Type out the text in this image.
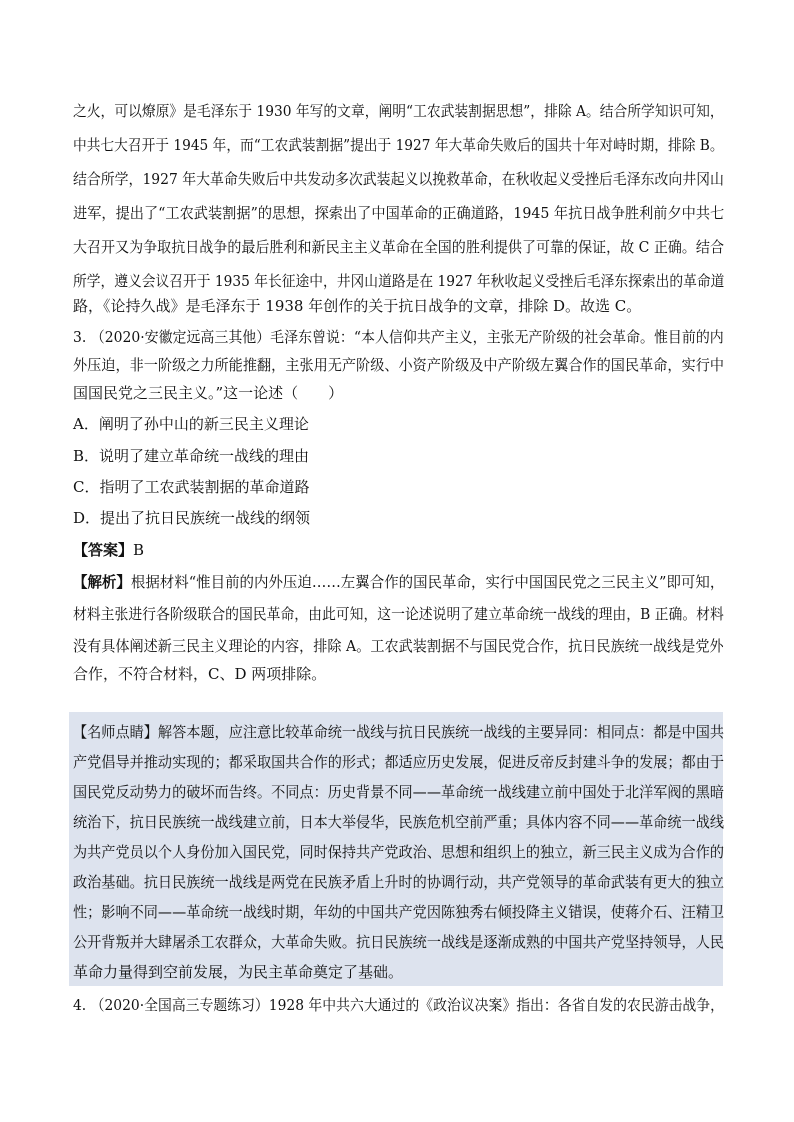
之火，可以燎原》是毛泽东于 1930 年写的文章，阐明“工农武装割据思想”，排除 A。结合所学知识可知，
中共七大召开于 1945 年，而“工农武装割据”提出于 1927 年大革命失败后的国共十年对峙时期，排除 B。
结合所学，1927 年大革命失败后中共发动多次武装起义以挽救革命，在秋收起义受挫后毛泽东改向井冈山
进军，提出了“工农武装割据”的思想，探索出了中国革命的正确道路，1945 年抗日战争胜利前夕中共七
大召开又为争取抗日战争的最后胜利和新民主主义革命在全国的胜利提供了可靠的保证，故 C 正确。结合
所学，遵义会议召开于 1935 年长征途中，井冈山道路是在 1927 年秋收起义受挫后毛泽东探索出的革命道
路，《论持久战》是毛泽东于 1938 年创作的关于抗日战争的文章，排除 D。故选 C。
3. （2020·安徽定远高三其他）毛泽东曾说：“本人信仰共产主义，主张无产阶级的社会革命。惟目前的内
外压迫，非一阶级之力所能推翻，主张用无产阶级、小资产阶级及中产阶级左翼合作的国民革命，实行中
国国民党之三民主义。”这一论述（　　）
A．阐明了孙中山的新三民主义理论
B．说明了建立革命统一战线的理由
C．指明了工农武装割据的革命道路
D．提出了抗日民族统一战线的纲领
【答案】B
【解析】根据材料“惟目前的内外压迫……左翼合作的国民革命，实行中国国民党之三民主义”即可知，
材料主张进行各阶级联合的国民革命，由此可知，这一论述说明了建立革命统一战线的理由，B 正确。材料
没有具体阐述新三民主义理论的内容，排除 A。工农武装割据不与国民党合作，抗日民族统一战线是党外
合作，不符合材料，C、D 两项排除。
【名师点睛】解答本题，应注意比较革命统一战线与抗日民族统一战线的主要异同：相同点：都是中国共
产党倡导并推动实现的；都采取国共合作的形式；都适应历史发展，促进反帝反封建斗争的发展；都由于
国民党反动势力的破坏而告终。不同点：历史背景不同——革命统一战线建立前中国处于北洋军阀的黑暗
统治下，抗日民族统一战线建立前，日本大举侵华，民族危机空前严重；具体内容不同——革命统一战线
为共产党员以个人身份加入国民党，同时保持共产党政治、思想和组织上的独立，新三民主义成为合作的
政治基础。抗日民族统一战线是两党在民族矛盾上升时的协调行动，共产党领导的革命武装有更大的独立
性；影响不同——革命统一战线时期，年幼的中国共产党因陈独秀右倾投降主义错误，使蒋介石、汪精卫
公开背叛并大肆屠杀工农群众，大革命失败。抗日民族统一战线是逐渐成熟的中国共产党坚持领导，人民
革命力量得到空前发展，为民主革命奠定了基础。
4. （2020·全国高三专题练习）1928 年中共六大通过的《政治议决案》指出：各省自发的农民游击战争，
